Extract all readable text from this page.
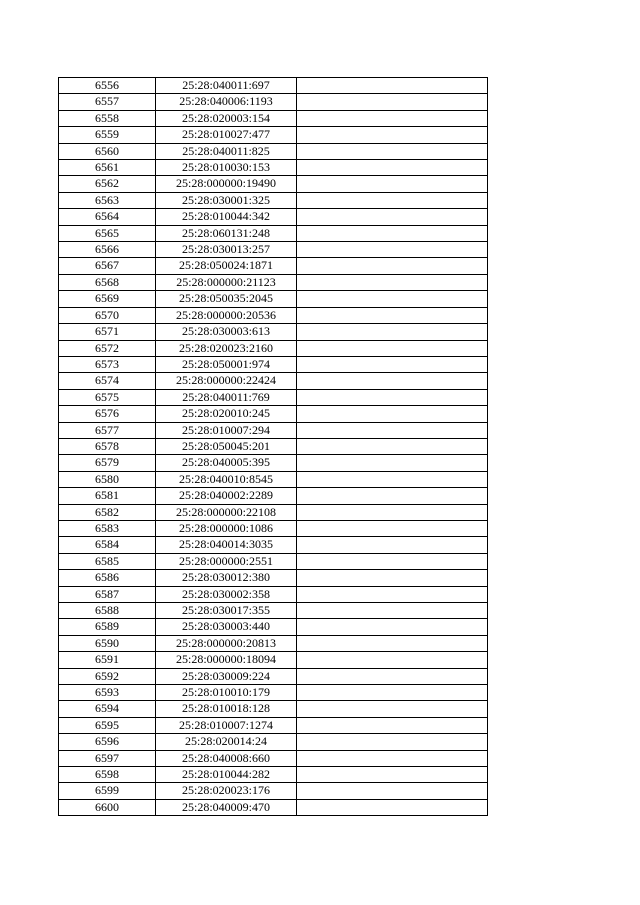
6556	25:28:040011:697	
6557	25:28:040006:1193	
6558	25:28:020003:154	
6559	25:28:010027:477	
6560	25:28:040011:825	
6561	25:28:010030:153	
6562	25:28:000000:19490	
6563	25:28:030001:325	
6564	25:28:010044:342	
6565	25:28:060131:248	
6566	25:28:030013:257	
6567	25:28:050024:1871	
6568	25:28:000000:21123	
6569	25:28:050035:2045	
6570	25:28:000000:20536	
6571	25:28:030003:613	
6572	25:28:020023:2160	
6573	25:28:050001:974	
6574	25:28:000000:22424	
6575	25:28:040011:769	
6576	25:28:020010:245	
6577	25:28:010007:294	
6578	25:28:050045:201	
6579	25:28:040005:395	
6580	25:28:040010:8545	
6581	25:28:040002:2289	
6582	25:28:000000:22108	
6583	25:28:000000:1086	
6584	25:28:040014:3035	
6585	25:28:000000:2551	
6586	25:28:030012:380	
6587	25:28:030002:358	
6588	25:28:030017:355	
6589	25:28:030003:440	
6590	25:28:000000:20813	
6591	25:28:000000:18094	
6592	25:28:030009:224	
6593	25:28:010010:179	
6594	25:28:010018:128	
6595	25:28:010007:1274	
6596	25:28:020014:24	
6597	25:28:040008:660	
6598	25:28:010044:282	
6599	25:28:020023:176	
6600	25:28:040009:470	
